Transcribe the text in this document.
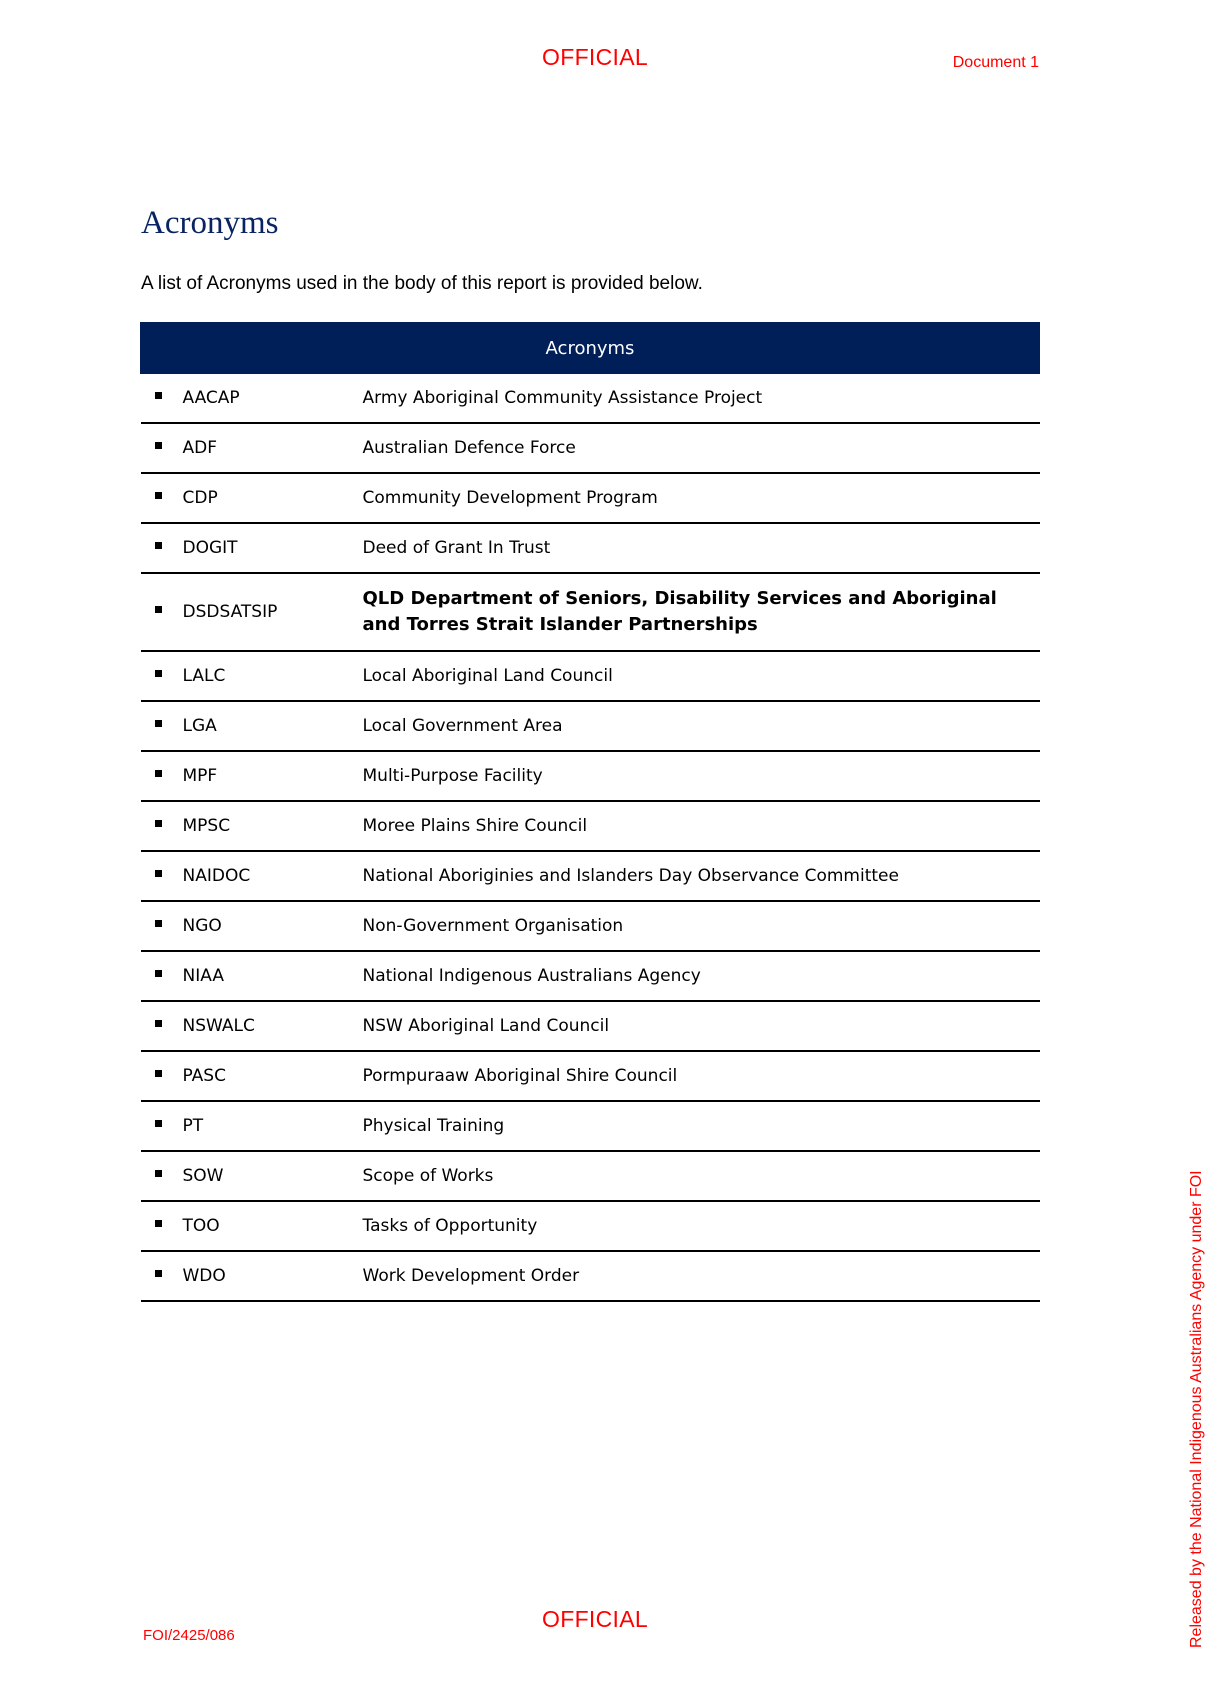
OFFICIAL	Document 1
Acronyms

A list of Acronyms used in the body of this report is provided below.

Acronyms	
AACAP	Army Aboriginal Community Assistance Project
ADF	Australian Defence Force
CDP	Community Development Program
DOGIT	Deed of Grant In Trust
DSDSATSIP	QLD Department of Seniors, Disability Services and Aboriginal and Torres Strait Islander Partnerships

LALC	Local Aboriginal Land Council
LGA	Local Government Area
MPF	Multi-Purpose Facility
MPSC	Moree Plains Shire Council
NAIDOC	National Aboriginies and Islanders Day Observance Committee
NGO	Non-Government Organisation
NIAA	National Indigenous Australians Agency
NSWALC	NSW Aboriginal Land Council
PASC	Pormpuraaw Aboriginal Shire Council
PT	Physical Training
SOW	Scope of Works
TOO	Tasks of Opportunity
WDO	Work Development Order
OFFICIAL
FOI/2425/086	Released by the National Indigenous Australians Agency under FOI
